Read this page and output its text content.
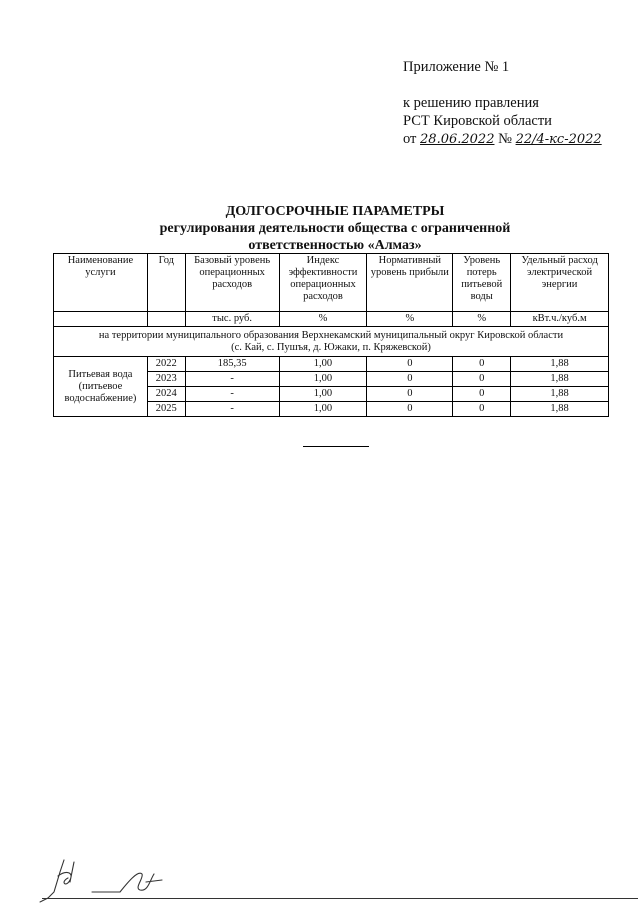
Приложение № 1
к решению правления
РСТ Кировской области
от 28.06.2022 № 22/4-кс-2022
ДОЛГОСРОЧНЫЕ ПАРАМЕТРЫ
регулирования деятельности общества с ограниченной
ответственностью «Алмаз»
Наименование услуги	Год	Базовый уровень операционных расходов	Индекс эффективности операционных расходов	Нормативный уровень прибыли	Уровень потерь питьевой воды	Удельный расход электрической энергии
		тыс. руб.	%	%	%	кВт.ч./куб.м

на территории муниципального образования Верхнекамский муниципальный округ Кировской области
(с. Кай, с. Пушъя, д. Южаки, п. Кряжевской)						

Питьевая вода
(питьевое
водоснабжение)	2022	185,35	1,00	0	0	1,88
	2023	-	1,00	0	0	1,88
	2024	-	1,00	0	0	1,88
	2025	-	1,00	0	0	1,88
